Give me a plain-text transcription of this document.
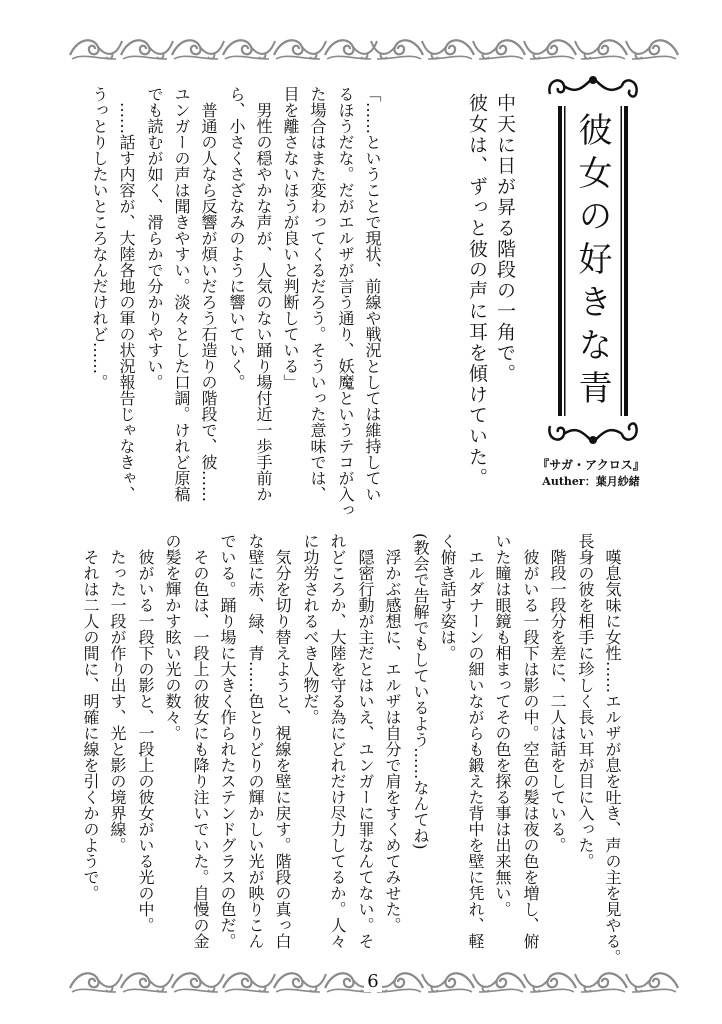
6
彼女の好きな青
『サガ・アクロス』
Auther：葉月紗緒
中天に日が昇る階段の一角で。
彼女は、ずっと彼の声に耳を傾けていた。
「……ということで現状、前線や戦況としては維持してい
るほうだな。だがエルザが言う通り、妖魔というテコが入っ
た場合はまた変わってくるだろう。そういった意味では、
目を離さないほうが良いと判断している」
　男性の穏やかな声が、人気のない踊り場付近一歩手前か
ら、小さくさざなみのように響いていく。
　普通の人なら反響が煩いだろう石造りの階段で、彼……
ユンガーの声は聞きやすい。淡々とした口調。けれど原稿
でも読むが如く、滑らかで分かりやすい。
　……話す内容が、大陸各地の軍の状況報告じゃなきゃ、
うっとりしたいところなんだけれど……。
　嘆息気味に女性……エルザが息を吐き、声の主を見やる。
長身の彼を相手に珍しく長い耳が目に入った。
　階段一段分を差に、二人は話をしている。
　彼がいる一段下は影の中。空色の髪は夜の色を増し、俯
いた瞳は眼鏡も相まってその色を探る事は出来無い。
　エルダナーンの細いながらも鍛えた背中を壁に凭れ、軽
く俯き話す姿は。
(教会で告解でもしているよう……なんてね)
　浮かぶ感想に、エルザは自分で肩をすくめてみせた。
　隠密行動が主だとはいえ、ユンガーに罪なんてない。そ
れどころか、大陸を守る為にどれだけ尽力してるか。人々
に功労されるべき人物だ。
　気分を切り替えようと、視線を壁に戻す。階段の真っ白
な壁に赤、緑、青……色とりどりの輝かしい光が映りこん
でいる。踊り場に大きく作られたステンドグラスの色だ。
　その色は、一段上の彼女にも降り注いでいた。自慢の金
の髪を輝かす眩い光の数々。
　彼がいる一段下の影と、一段上の彼女がいる光の中。
　たった一段が作り出す、光と影の境界線。
　それは二人の間に、明確に線を引くかのようで。
